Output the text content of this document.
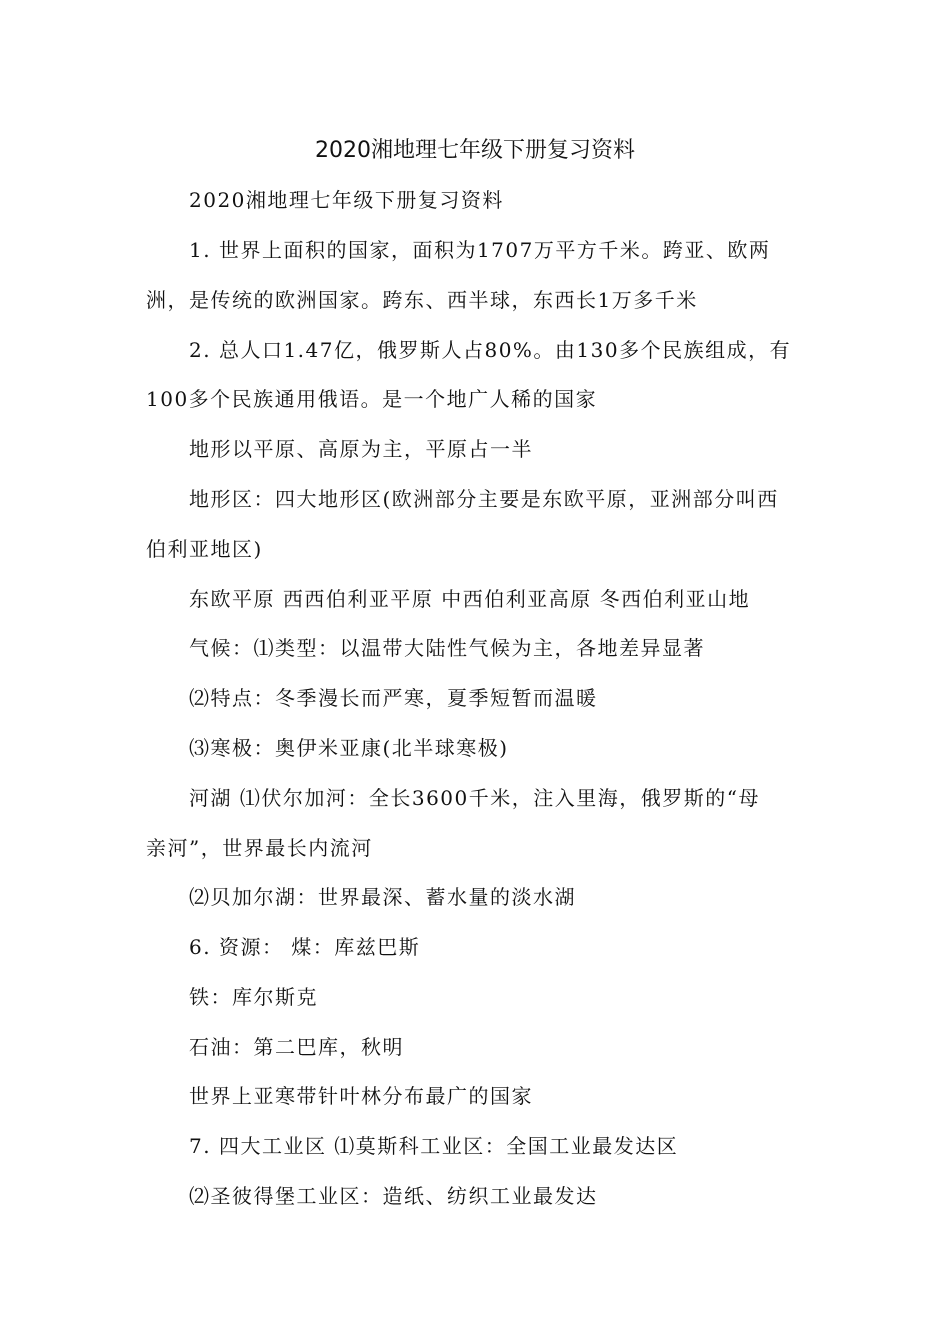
2020湘地理七年级下册复习资料
2020湘地理七年级下册复习资料
1. 世界上面积的国家，面积为1707万平方千米。跨亚、欧两
洲，是传统的欧洲国家。跨东、西半球，东西长1万多千米
2. 总人口1.47亿，俄罗斯人占80%。由130多个民族组成，有
100多个民族通用俄语。是一个地广人稀的国家
地形以平原、高原为主，平原占一半
地形区：四大地形区(欧洲部分主要是东欧平原，亚洲部分叫西
伯利亚地区)
东欧平原 西西伯利亚平原 中西伯利亚高原 冬西伯利亚山地
气候：⑴类型：以温带大陆性气候为主，各地差异显著
⑵特点：冬季漫长而严寒，夏季短暂而温暖
⑶寒极：奥伊米亚康(北半球寒极)
河湖 ⑴伏尔加河：全长3600千米，注入里海，俄罗斯的“母
亲河”，世界最长内流河
⑵贝加尔湖：世界最深、蓄水量的淡水湖
6. 资源： 煤：库兹巴斯
铁：库尔斯克
石油：第二巴库，秋明
世界上亚寒带针叶林分布最广的国家
7. 四大工业区 ⑴莫斯科工业区：全国工业最发达区
⑵圣彼得堡工业区：造纸、纺织工业最发达
